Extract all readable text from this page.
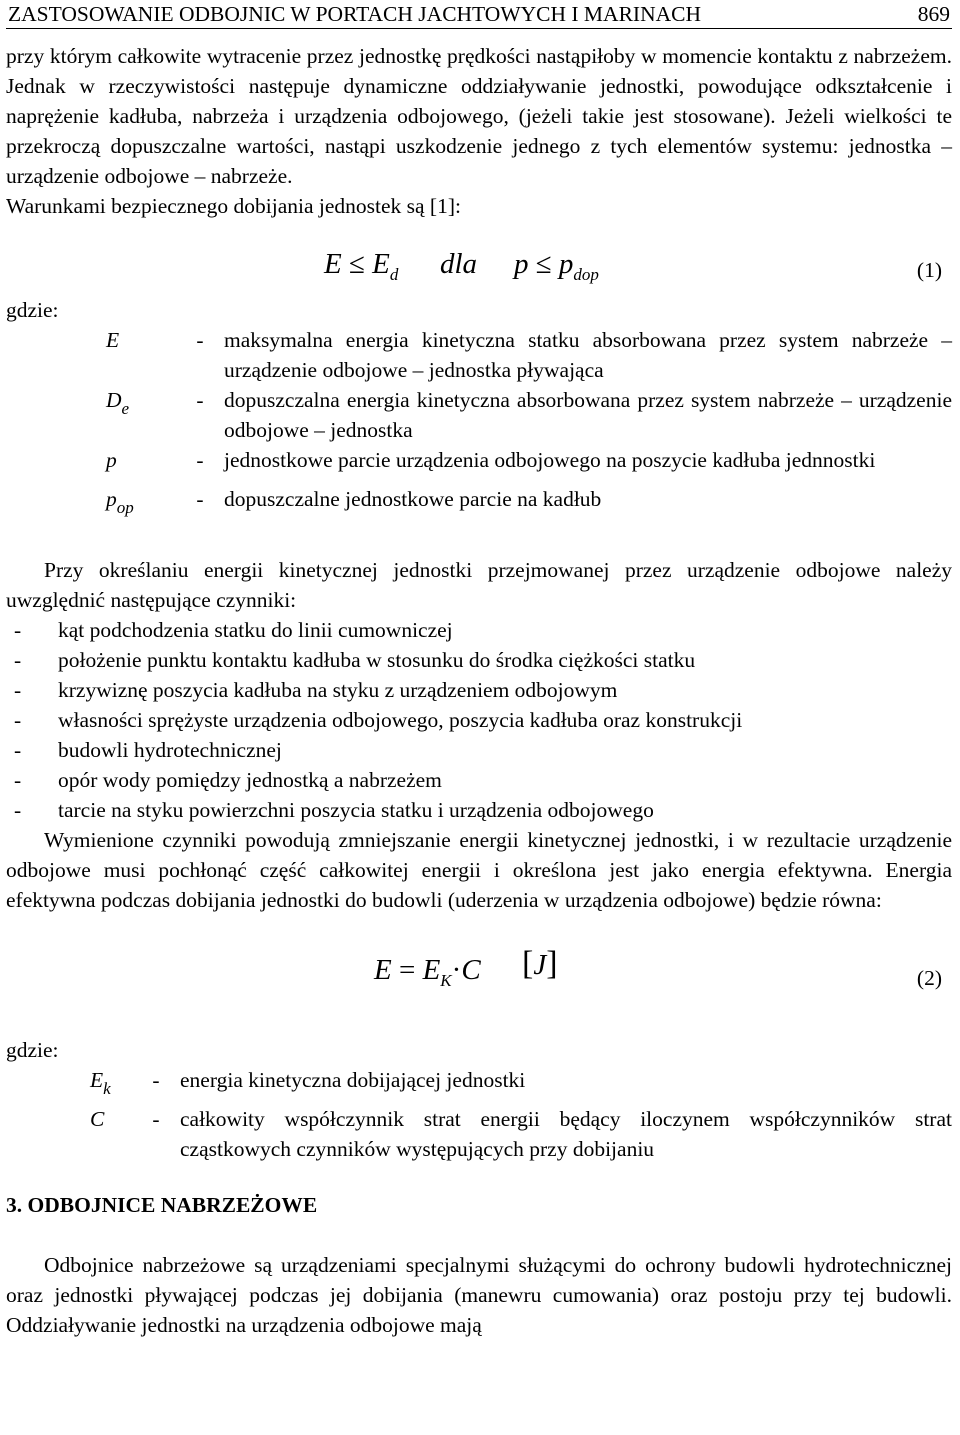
ZASTOSOWANIE ODBOJNIC W PORTACH JACHTOWYCH I MARINACH	869

przy którym całkowite wytracenie przez jednostkę prędkości nastąpiłoby w momencie kontaktu z nabrzeżem. Jednak w rzeczywistości następuje dynamiczne oddziaływanie jednostki, powodujące odkształcenie i naprężenie kadłuba, nabrzeża i urządzenia odbojowego, (jeżeli takie jest stosowane). Jeżeli wielkości te przekroczą dopuszczalne wartości, nastąpi uszkodzenie jednego z tych elementów systemu: jednostka – urządzenie odbojowe – nabrzeże.

Warunkami bezpiecznego dobijania jednostek są [1]:

$E \le E_d$ dla $p \le p_{dop}$	(1)

gdzie:

E	- maksymalna energia kinetyczna statku absorbowana przez system nabrzeże – urządzenie odbojowe – jednostka pływająca
$D_e$	- dopuszczalna energia kinetyczna absorbowana przez system nabrzeże – urządzenie odbojowe – jednostka
p	- jednostkowe parcie urządzenia odbojowego na poszycie kadłuba jednnostki
$p_{op}$	- dopuszczalne jednostkowe parcie na kadłub

Przy określaniu energii kinetycznej jednostki przejmowanej przez urządzenie odbojowe należy uwzględnić następujące czynniki:

-	kąt podchodzenia statku do linii cumowniczej
-	położenie punktu kontaktu kadłuba w stosunku do środka ciężkości statku
-	krzywiznę poszycia kadłuba na styku z urządzeniem odbojowym
-	własności sprężyste urządzenia odbojowego, poszycia kadłuba oraz konstrukcji
-	budowli hydrotechnicznej
-	opór wody pomiędzy jednostką a nabrzeżem
-	tarcie na styku powierzchni poszycia statku i urządzenia odbojowego

Wymienione czynniki powodują zmniejszanie energii kinetycznej jednostki, i w rezultacie urządzenie odbojowe musi pochłonąć część całkowitej energii i określona jest jako energia efektywna. Energia efektywna podczas dobijania jednostki do budowli (uderzenia w urządzenia odbojowe) będzie równa:

$E = E_K\cdot C$ [J]	(2)

gdzie:

$E_k$	- energia kinetyczna dobijającej jednostki
C	- całkowity współczynnik strat energii będący iloczynem współczynników strat cząstkowych czynników występujących przy dobijaniu
3. ODBOJNICE NABRZEŻOWE

Odbojnice nabrzeżowe są urządzeniami specjalnymi służącymi do ochrony budowli hydrotechnicznej oraz jednostki pływającej podczas jej dobijania (manewru cumowania) oraz postoju przy tej budowli. Oddziaływanie jednostki na urządzenia odbojowe mają
